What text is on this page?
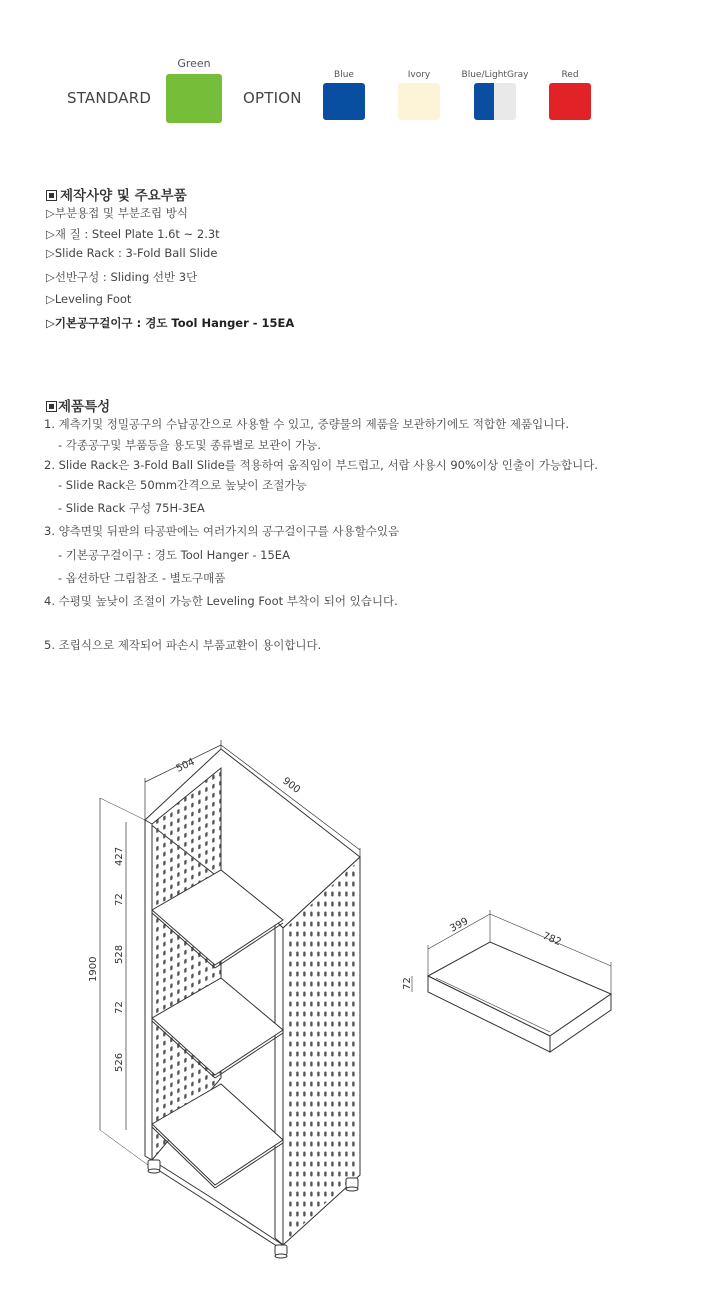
STANDARD
Green
OPTION
Blue	Ivory	Blue/LightGray	Red
제작사양 및 주요부품
▷부분용접 및 부분조립 방식
▷재 질 : Steel Plate 1.6t ~ 2.3t
▷Slide Rack : 3-Fold Ball Slide
▷선반구성 : Sliding 선반 3단
▷Leveling Foot
▷기본공구걸이구 : 경도 Tool Hanger - 15EA
제품특성
1. 계측기및 정밀공구의 수납공간으로 사용할 수 있고, 중량물의 제품을 보관하기에도 적합한 제품입니다.
- 각종공구및 부품등을 용도및 종류별로 보관이 가능.
2. Slide Rack은 3-Fold Ball Slide를 적용하여 움직임이 부드럽고, 서랍 사용시 90%이상 인출이 가능합니다.
- Slide Rack은 50mm간격으로 높낮이 조절가능
- Slide Rack 구성 75H-3EA
3. 양측면및 뒤판의 타공판에는 여러가지의 공구걸이구를 사용할수있음
- 기본공구걸이구 : 경도 Tool Hanger - 15EA
- 옵션하단 그림참조 - 별도구매품
4. 수평및 높낮이 조절이 가능한 Leveling Foot 부착이 되어 있습니다.
5. 조립식으로 제작되어 파손시 부품교환이 용이합니다.
504
900
1900
427
72
528
72
526
399
782
72
